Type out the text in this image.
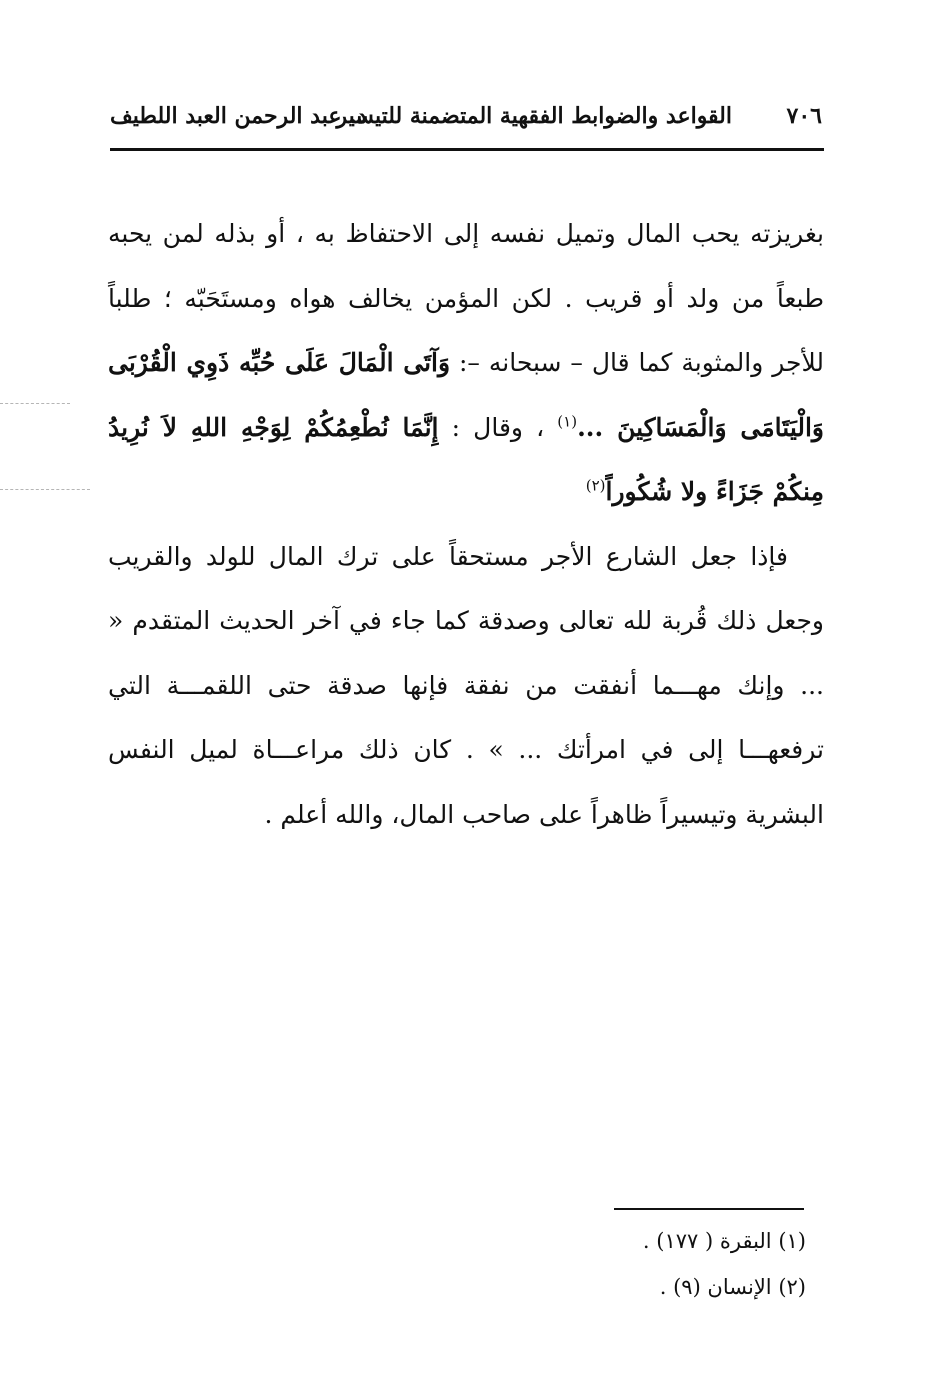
٧٠٦
القواعد والضوابط الفقهية المتضمنة للتيسير
د. عبد الرحمن العبد اللطيف

بغريزته يحب المال وتميل نفسه إلى الاحتفاظ به ، أو بذله لمن يحبه طبعاً من ولد أو قريب . لكن المؤمن يخالف هواه ومستَحَبّه ؛ طلباً للأجر والمثوبة كما قال – سبحانه –: وَآتَى الْمَالَ عَلَى حُبِّه ذَوِي الْقُرْبَى وَالْيَتَامَى وَالْمَسَاكِينَ ...$^{(١)}$ ، وقال : إِنَّمَا نُطْعِمُكُمْ لِوَجْهِ اللهِ لاَ نُرِيدُ مِنكُمْ جَزَاءً ولا شُكُوراً$^{(٢)}$

فإذا جعل الشارع الأجر مستحقاً على ترك المال للولد والقريب وجعل ذلك قُربة لله تعالى وصدقة كما جاء في آخر الحديث المتقدم « ... وإنك مهـــما أنفقت من نفقة فإنها صدقة حتى اللقمـــة التي ترفعهـــا إلى في امرأتك ... » . كان ذلك مراعـــاة لميل النفس البشرية وتيسيراً ظاهراً على صاحب المال، والله أعلم .

(١) البقرة ( ١٧٧) .

(٢) الإنسان (٩) .
